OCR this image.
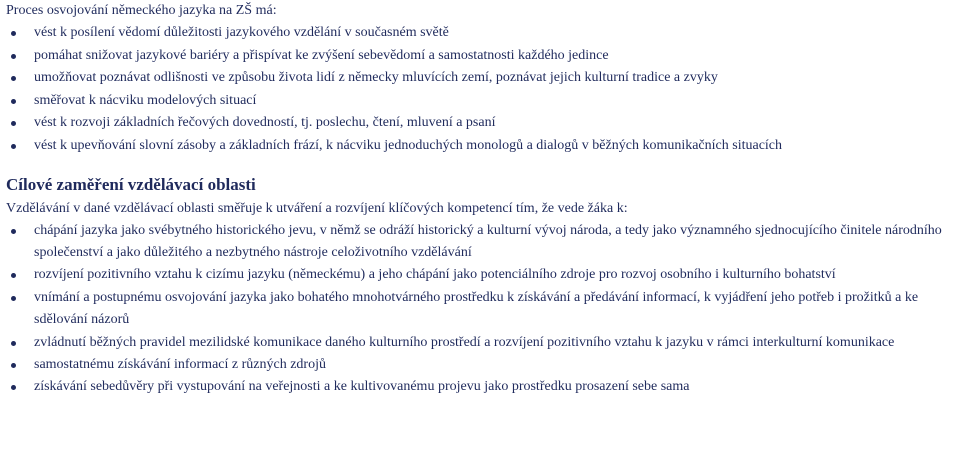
Proces osvojování německého jazyka na ZŠ má:

vést k posílení vědomí důležitosti jazykového vzdělání v současném světě
pomáhat snižovat jazykové bariéry a přispívat ke zvýšení sebevědomí a samostatnosti každého jedince
umožňovat poznávat odlišnosti ve způsobu života lidí z německy mluvících zemí, poznávat jejich kulturní tradice a zvyky
směřovat k nácviku modelových situací
vést k rozvoji základních řečových dovedností, tj. poslechu, čtení, mluvení a psaní
vést k upevňování slovní zásoby a základních frází, k nácviku jednoduchých monologů a dialogů v běžných komunikačních situacích
Cílové zaměření vzdělávací oblasti

Vzdělávání v dané vzdělávací oblasti směřuje k utváření a rozvíjení klíčových kompetencí tím, že vede žáka k:

chápání jazyka jako svébytného historického jevu, v němž se odráží historický a kulturní vývoj národa, a tedy jako významného sjednocujícího činitele národního společenství a jako důležitého a nezbytného nástroje celoživotního vzdělávání
rozvíjení pozitivního vztahu k cizímu jazyku (německému) a jeho chápání jako potenciálního zdroje pro rozvoj osobního i kulturního bohatství
vnímání a postupnému osvojování jazyka jako bohatého mnohotvárného prostředku k získávání a předávání informací, k vyjádření jeho potřeb i prožitků a ke sdělování názorů
zvládnutí běžných pravidel mezilidské komunikace daného kulturního prostředí a rozvíjení pozitivního vztahu k jazyku v rámci interkulturní komunikace
samostatnému získávání informací z různých zdrojů
získávání sebedůvěry při vystupování na veřejnosti a ke kultivovanému projevu jako prostředku prosazení sebe sama
